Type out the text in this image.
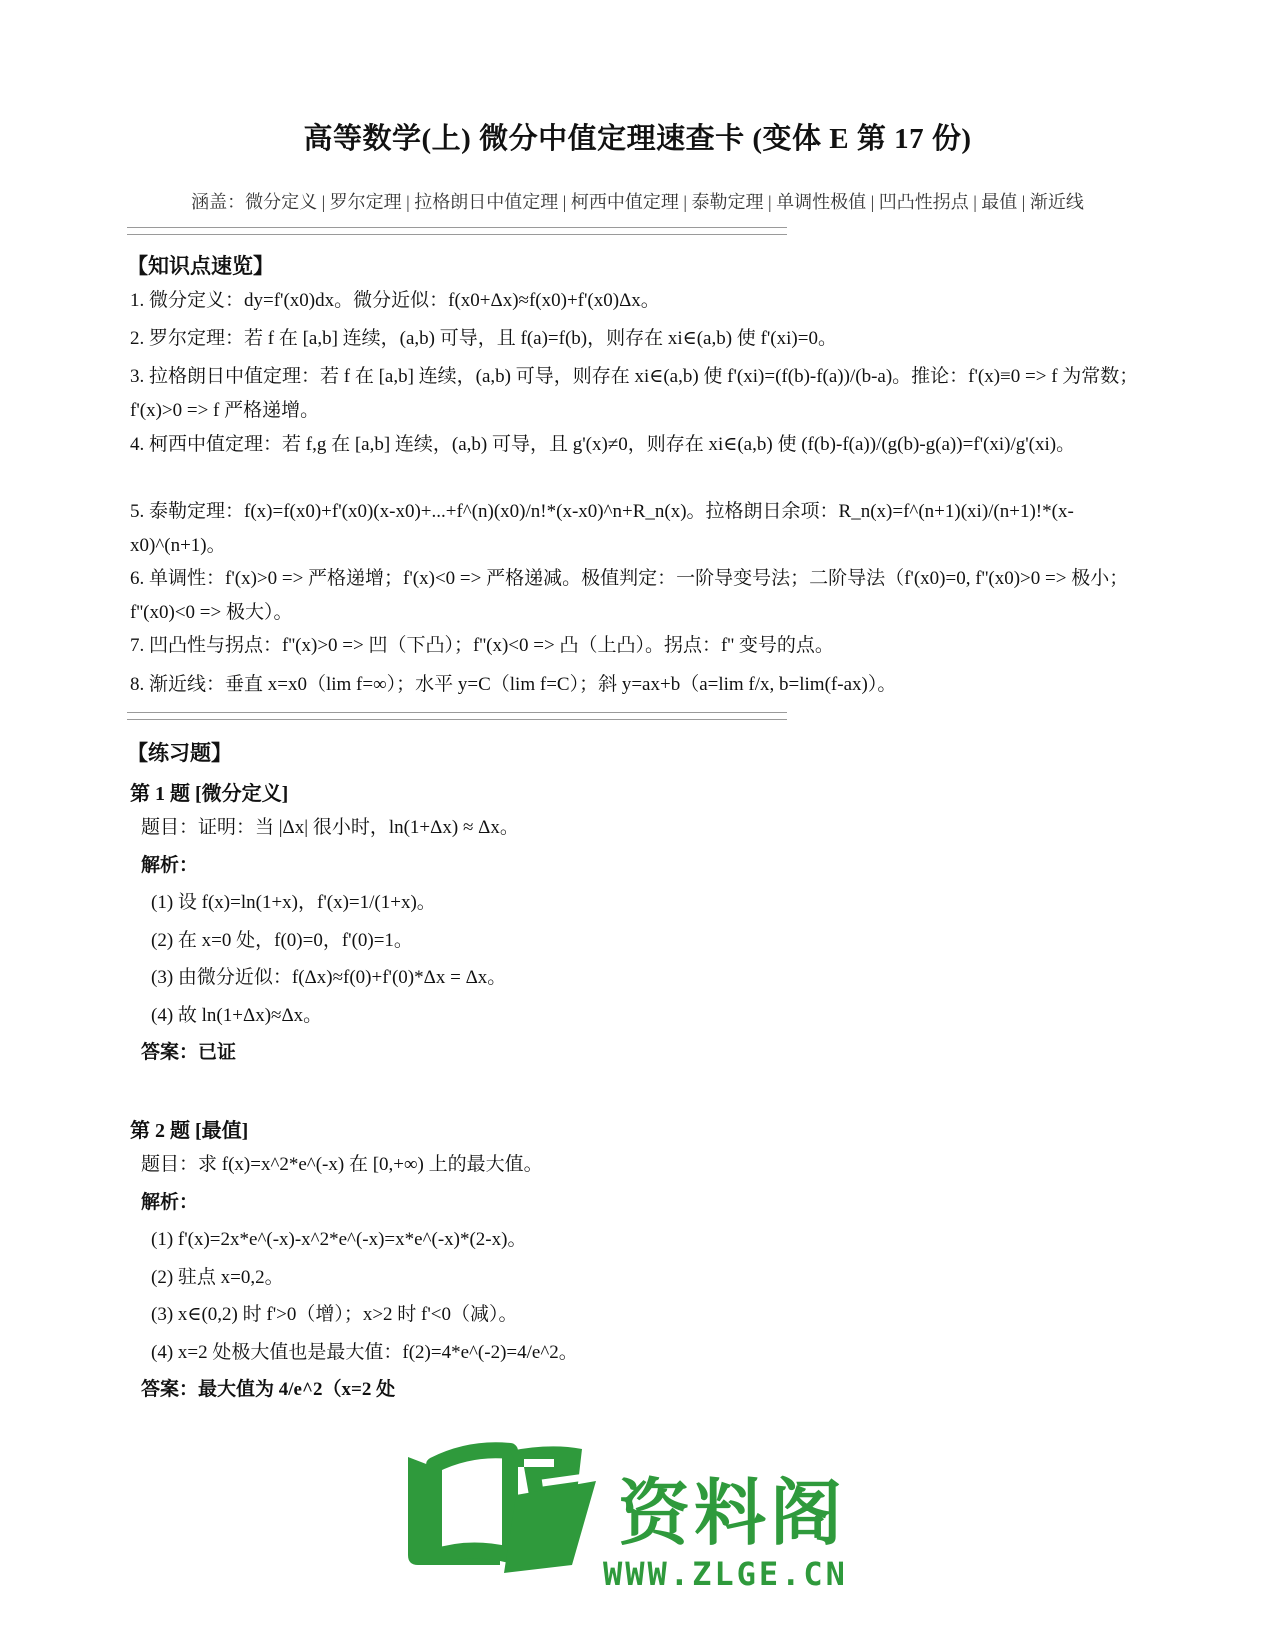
高等数学(上) 微分中值定理速查卡 (变体 E 第 17 份)
涵盖：微分定义 | 罗尔定理 | 拉格朗日中值定理 | 柯西中值定理 | 泰勒定理 | 单调性极值 | 凹凸性拐点 | 最值 | 渐近线
【知识点速览】
1. 微分定义：dy=f'(x0)dx。微分近似：f(x0+Δx)≈f(x0)+f'(x0)Δx。
2. 罗尔定理：若 f 在 [a,b] 连续，(a,b) 可导，且 f(a)=f(b)，则存在 xi∈(a,b) 使 f'(xi)=0。
3. 拉格朗日中值定理：若 f 在 [a,b] 连续，(a,b) 可导，则存在 xi∈(a,b) 使 f'(xi)=(f(b)-f(a))/(b-a)。推论：f'(x)≡0 => f 为常数；f'(x)>0 => f 严格递增。
4. 柯西中值定理：若 f,g 在 [a,b] 连续，(a,b) 可导，且 g'(x)≠0，则存在 xi∈(a,b) 使 (f(b)-f(a))/(g(b)-g(a))=f'(xi)/g'(xi)。
5. 泰勒定理：f(x)=f(x0)+f'(x0)(x-x0)+...+f^(n)(x0)/n!*(x-x0)^n+R_n(x)。拉格朗日余项：R_n(x)=f^(n+1)(xi)/(n+1)!*(x-x0)^(n+1)。
6. 单调性：f'(x)>0 => 严格递增；f'(x)<0 => 严格递减。极值判定：一阶导变号法；二阶导法（f'(x0)=0, f''(x0)>0 => 极小；f''(x0)<0 => 极大）。
7. 凹凸性与拐点：f''(x)>0 => 凹（下凸）；f''(x)<0 => 凸（上凸）。拐点：f'' 变号的点。
8. 渐近线：垂直 x=x0（lim f=∞）；水平 y=C（lim f=C）；斜 y=ax+b（a=lim f/x, b=lim(f-ax)）。
【练习题】
第 1 题 [微分定义]
题目：证明：当 |Δx| 很小时，ln(1+Δx) ≈ Δx。
解析：
(1) 设 f(x)=ln(1+x)，f'(x)=1/(1+x)。
(2) 在 x=0 处，f(0)=0，f'(0)=1。
(3) 由微分近似：f(Δx)≈f(0)+f'(0)*Δx = Δx。
(4) 故 ln(1+Δx)≈Δx。
答案：已证
第 2 题 [最值]
题目：求 f(x)=x^2*e^(-x) 在 [0,+∞) 上的最大值。
解析：
(1) f'(x)=2x*e^(-x)-x^2*e^(-x)=x*e^(-x)*(2-x)。
(2) 驻点 x=0,2。
(3) x∈(0,2) 时 f'>0（增）；x>2 时 f'<0（减）。
(4) x=2 处极大值也是最大值：f(2)=4*e^(-2)=4/e^2。
答案：最大值为 4/e^2（x=2 处
资料阁
WWW.ZLGE.CN
